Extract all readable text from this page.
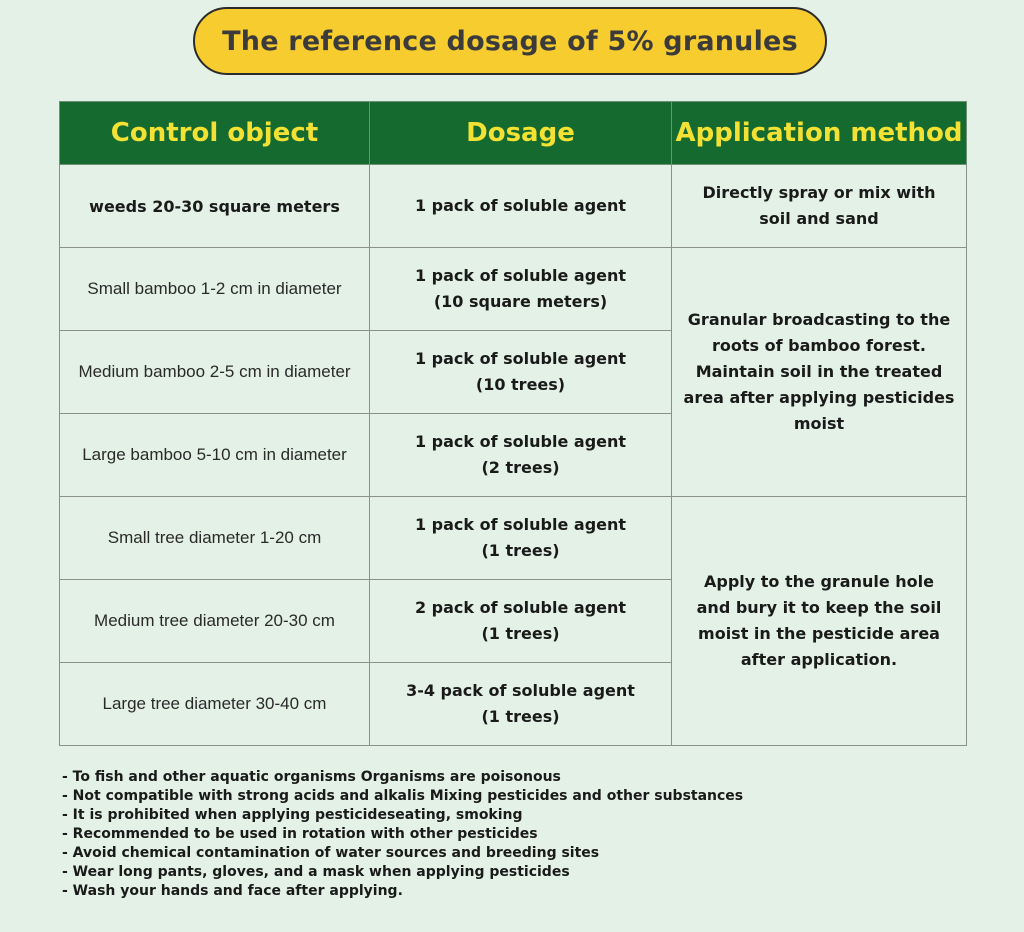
The reference dosage of 5% granules
Control object	Dosage	Application method
weeds 20-30 square meters	1 pack of soluble agent	Directly spray or mix with
soil and sand

Small bamboo 1-2 cm in diameter	1 pack of soluble agent
(10 square meters)	Granular broadcasting to the
roots of bamboo forest.
Maintain soil in the treated
area after applying pesticides
moist

Medium bamboo 2-5 cm in diameter	1 pack of soluble agent
(10 trees)	

Large bamboo 5-10 cm in diameter	1 pack of soluble agent
(2 trees)	

Small tree diameter 1-20 cm	1 pack of soluble agent
(1 trees)	Apply to the granule hole
and bury it to keep the soil
moist in the pesticide area
after application.

Medium tree diameter 20-30 cm	2 pack of soluble agent
(1 trees)	

Large tree diameter 30-40 cm	3-4 pack of soluble agent
(1 trees)	
- To fish and other aquatic organisms Organisms are poisonous
- Not compatible with strong acids and alkalis Mixing pesticides and other substances
- It is prohibited when applying pesticideseating, smoking
- Recommended to be used in rotation with other pesticides
- Avoid chemical contamination of water sources and breeding sites
- Wear long pants, gloves, and a mask when applying pesticides
- Wash your hands and face after applying.
